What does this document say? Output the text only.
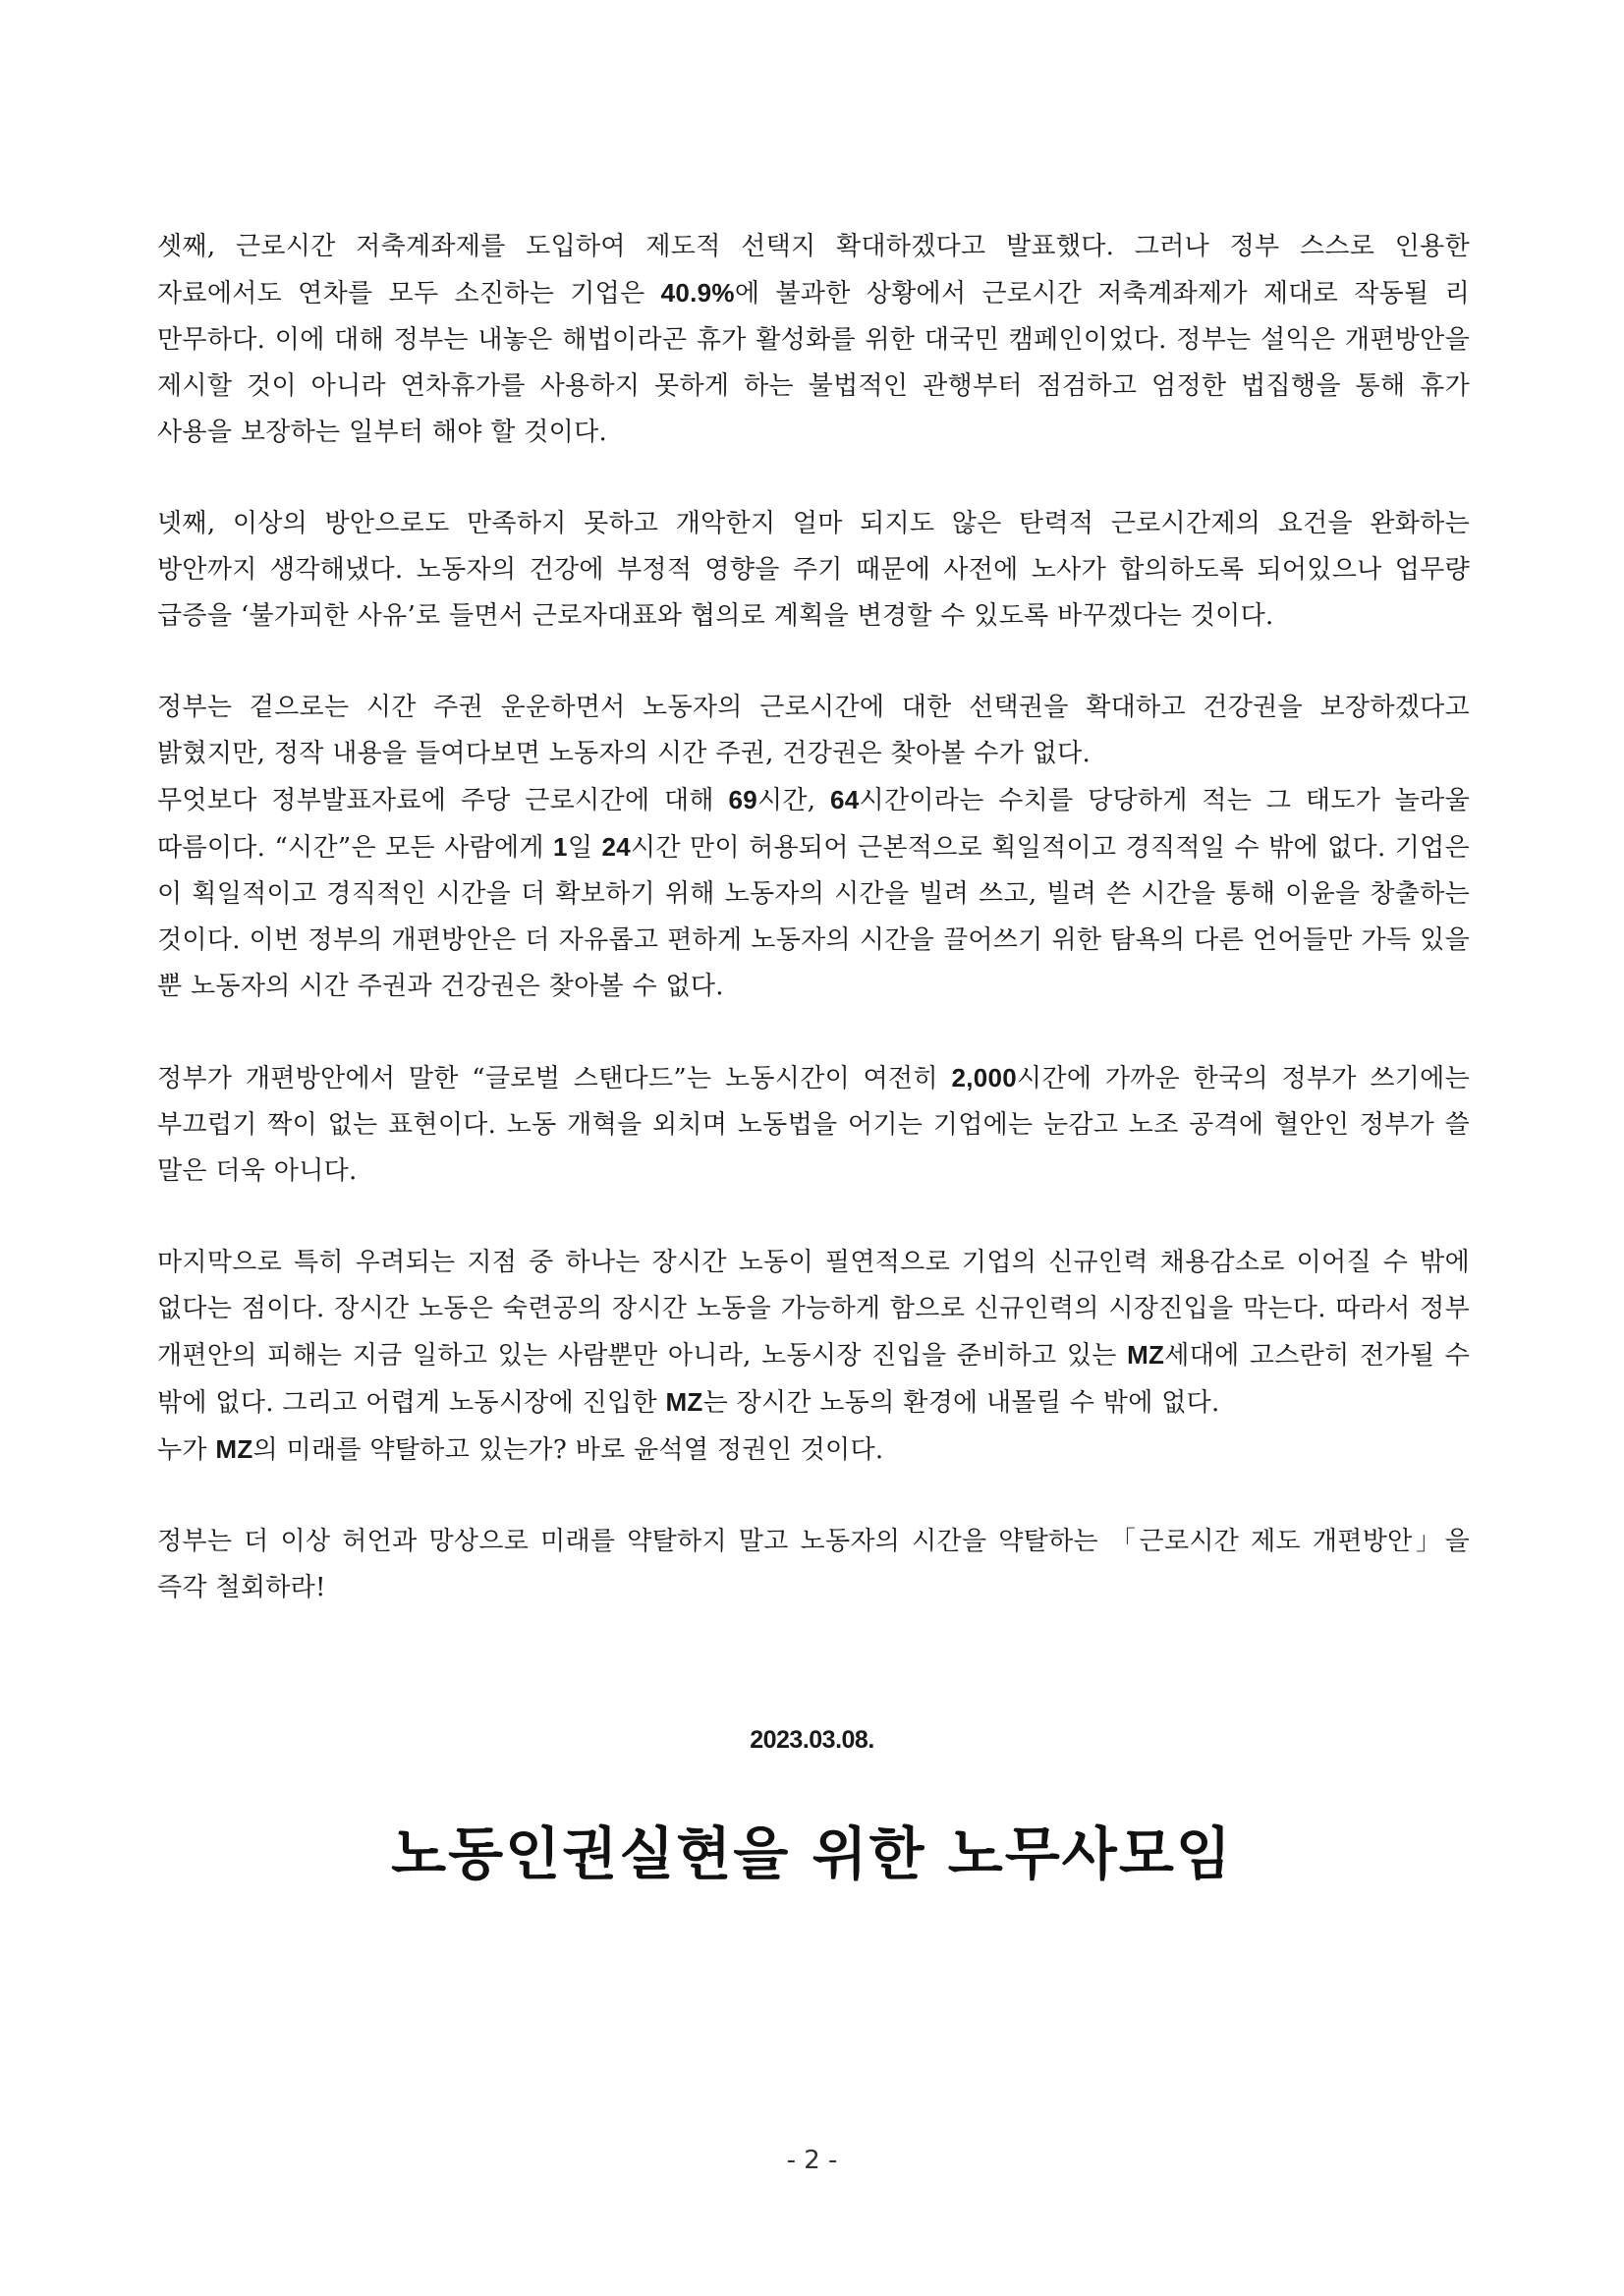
셋째, 근로시간 저축계좌제를 도입하여 제도적 선택지 확대하겠다고 발표했다. 그러나 정부 스스로 인용한 자료에서도 연차를 모두 소진하는 기업은 40.9%에 불과한 상황에서 근로시간 저축계좌제가 제대로 작동될 리 만무하다. 이에 대해 정부는 내놓은 해법이라곤 휴가 활성화를 위한 대국민 캠페인이었다. 정부는 설익은 개편방안을 제시할 것이 아니라 연차휴가를 사용하지 못하게 하는 불법적인 관행부터 점검하고 엄정한 법집행을 통해 휴가 사용을 보장하는 일부터 해야 할 것이다.

넷째, 이상의 방안으로도 만족하지 못하고 개악한지 얼마 되지도 않은 탄력적 근로시간제의 요건을 완화하는 방안까지 생각해냈다. 노동자의 건강에 부정적 영향을 주기 때문에 사전에 노사가 합의하도록 되어있으나 업무량 급증을 ‘불가피한 사유’로 들면서 근로자대표와 협의로 계획을 변경할 수 있도록 바꾸겠다는 것이다.

정부는 겉으로는 시간 주권 운운하면서 노동자의 근로시간에 대한 선택권을 확대하고 건강권을 보장하겠다고 밝혔지만, 정작 내용을 들여다보면 노동자의 시간 주권, 건강권은 찾아볼 수가 없다.

무엇보다 정부발표자료에 주당 근로시간에 대해 69시간, 64시간이라는 수치를 당당하게 적는 그 태도가 놀라울 따름이다. “시간”은 모든 사람에게 1일 24시간 만이 허용되어 근본적으로 획일적이고 경직적일 수 밖에 없다. 기업은 이 획일적이고 경직적인 시간을 더 확보하기 위해 노동자의 시간을 빌려 쓰고, 빌려 쓴 시간을 통해 이윤을 창출하는 것이다. 이번 정부의 개편방안은 더 자유롭고 편하게 노동자의 시간을 끌어쓰기 위한 탐욕의 다른 언어들만 가득 있을 뿐 노동자의 시간 주권과 건강권은 찾아볼 수 없다.

정부가 개편방안에서 말한 “글로벌 스탠다드”는 노동시간이 여전히 2,000시간에 가까운 한국의 정부가 쓰기에는 부끄럽기 짝이 없는 표현이다. 노동 개혁을 외치며 노동법을 어기는 기업에는 눈감고 노조 공격에 혈안인 정부가 쓸 말은 더욱 아니다.

마지막으로 특히 우려되는 지점 중 하나는 장시간 노동이 필연적으로 기업의 신규인력 채용감소로 이어질 수 밖에 없다는 점이다. 장시간 노동은 숙련공의 장시간 노동을 가능하게 함으로 신규인력의 시장진입을 막는다. 따라서 정부 개편안의 피해는 지금 일하고 있는 사람뿐만 아니라, 노동시장 진입을 준비하고 있는 MZ세대에 고스란히 전가될 수 밖에 없다. 그리고 어렵게 노동시장에 진입한 MZ는 장시간 노동의 환경에 내몰릴 수 밖에 없다.

누가 MZ의 미래를 약탈하고 있는가? 바로 윤석열 정권인 것이다.

정부는 더 이상 허언과 망상으로 미래를 약탈하지 말고 노동자의 시간을 약탈하는 「근로시간 제도 개편방안」을 즉각 철회하라!

2023.03.08.
노동인권실현을 위한 노무사모임
- 2 -
